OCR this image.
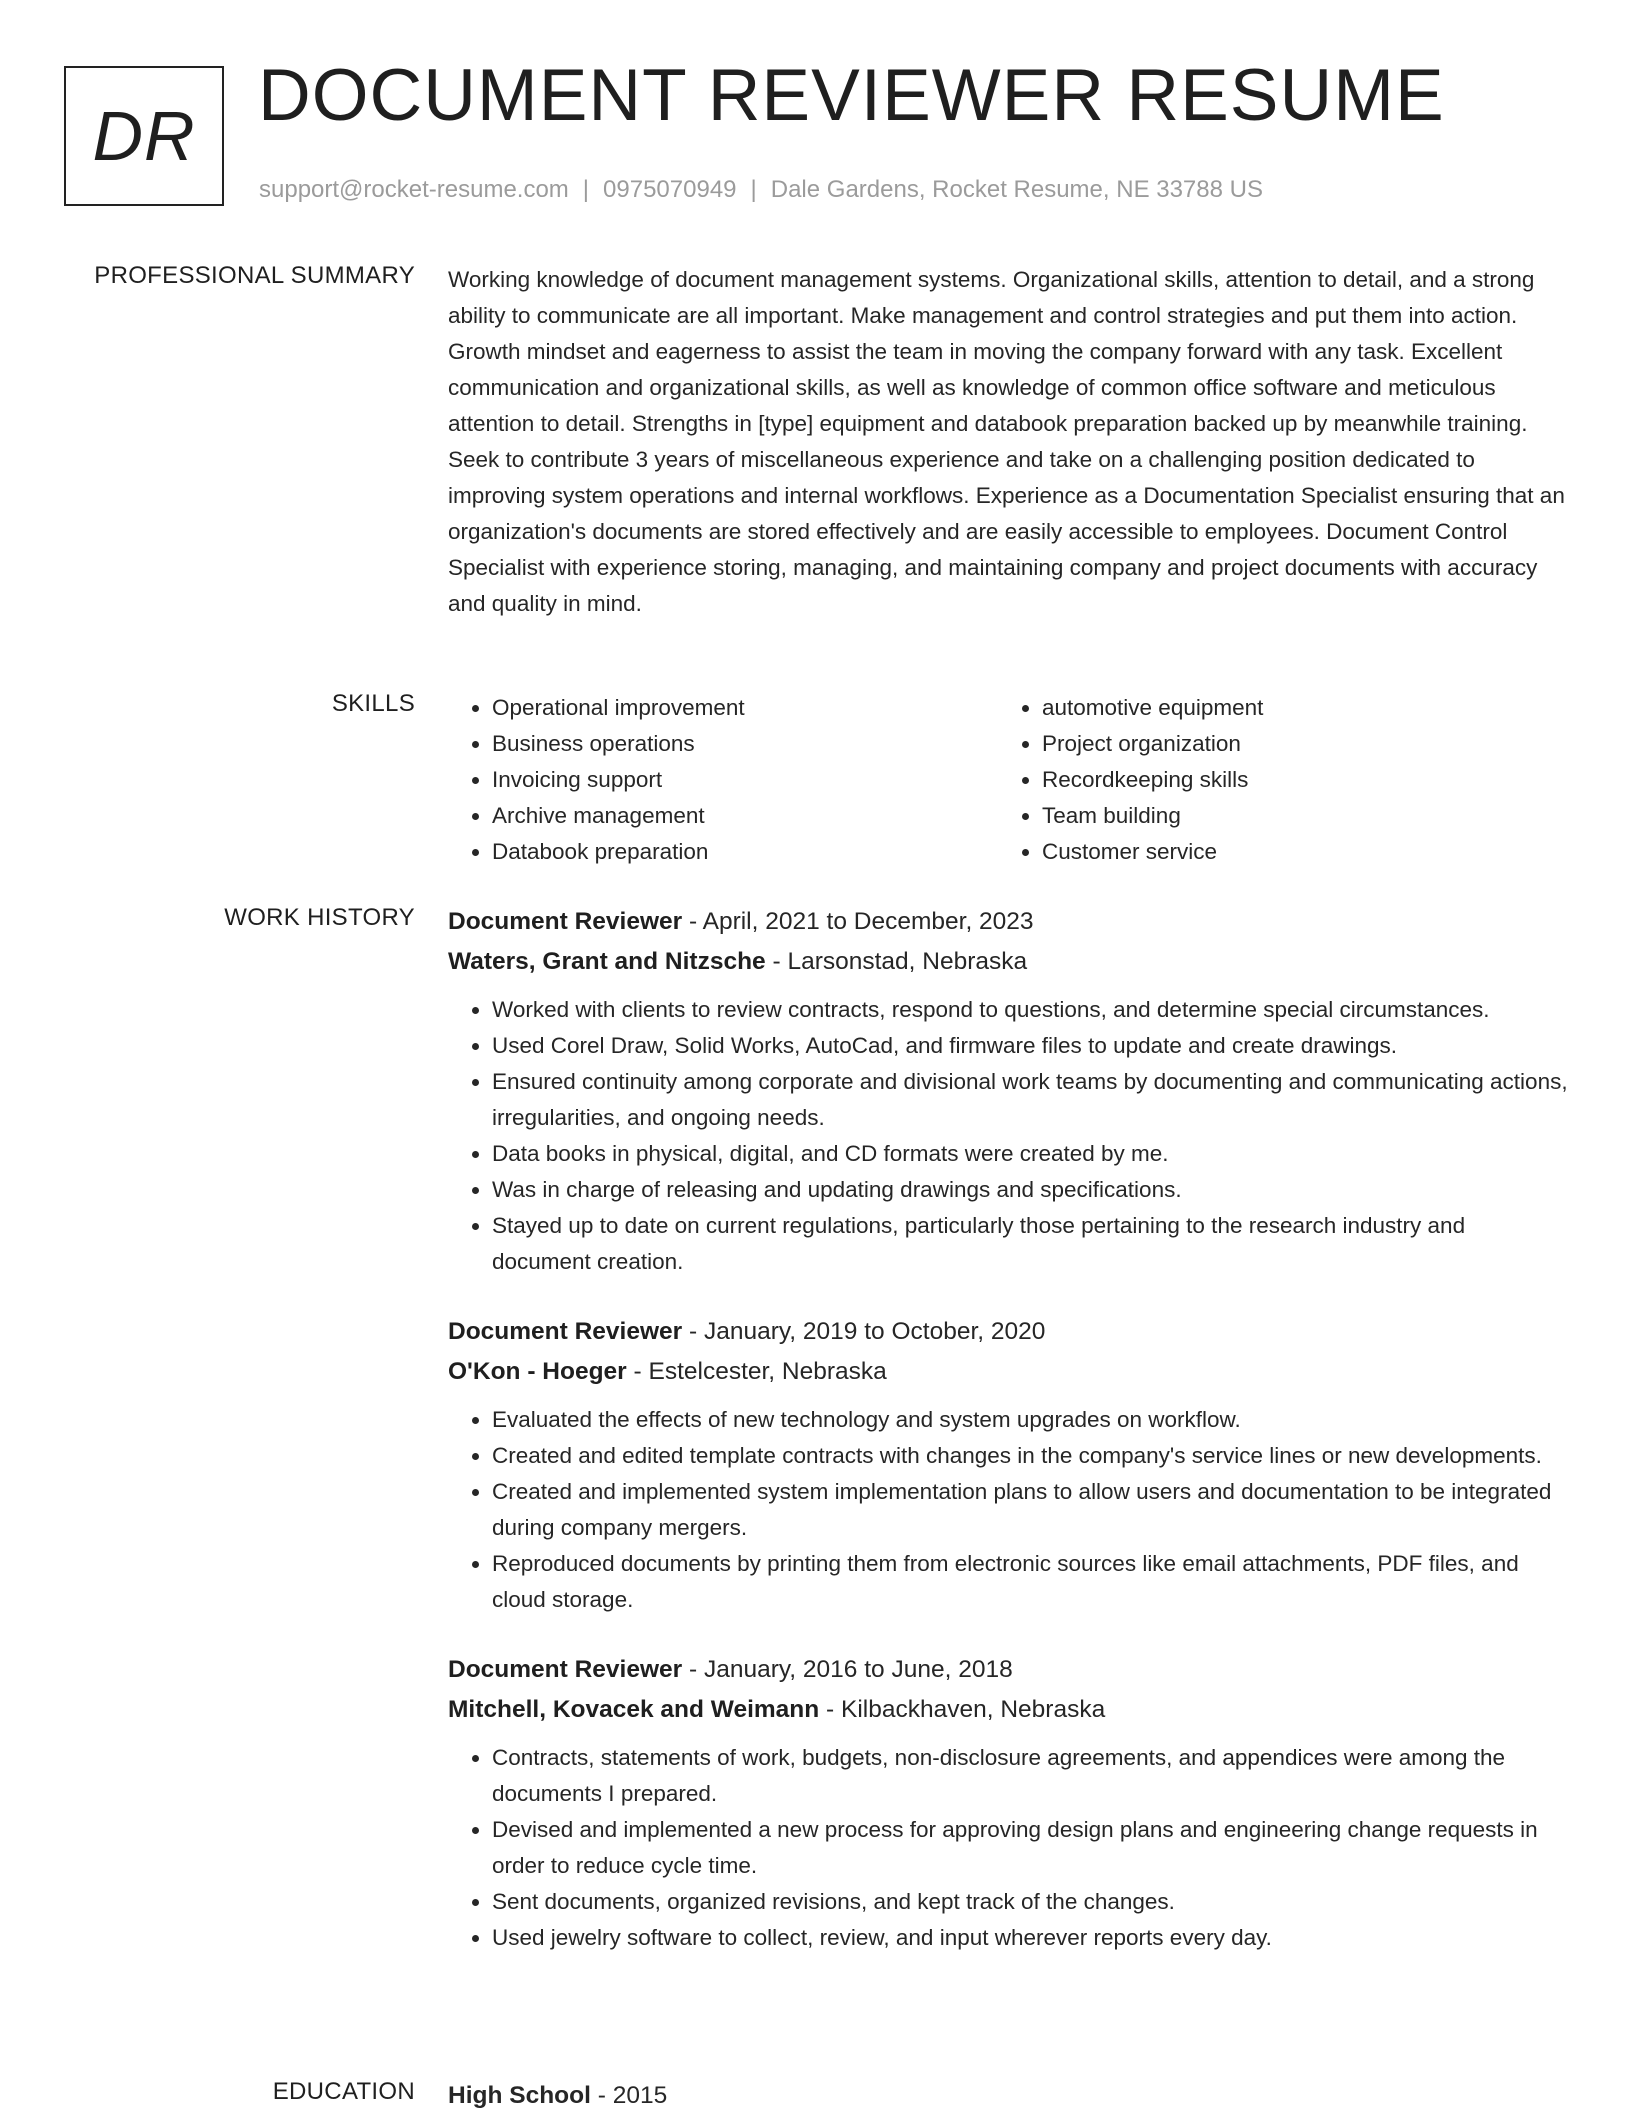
DR DOCUMENT REVIEWER RESUME
support@rocket-resume.com | 0975070949 | Dale Gardens, Rocket Resume, NE 33788 US
PROFESSIONAL SUMMARY Working knowledge of document management systems. Organizational skills, attention to detail, and a strong ability to communicate are all important. Make management and control strategies and put them into action. Growth mindset and eagerness to assist the team in moving the company forward with any task. Excellent communication and organizational skills, as well as knowledge of common office software and meticulous attention to detail. Strengths in [type] equipment and databook preparation backed up by meanwhile training. Seek to contribute 3 years of miscellaneous experience and take on a challenging position dedicated to improving system operations and internal workflows. Experience as a Documentation Specialist ensuring that an organization's documents are stored effectively and are easily accessible to employees. Document Control Specialist with experience storing, managing, and maintaining company and project documents with accuracy and quality in mind.

SKILLS
•	Operational improvement
• Business operations
• Invoicing support
• Archive management
• Databook preparation
• automotive equipment
• Project organization
• Recordkeeping skills
• Team building
• Customer service
WORK HISTORY Document Reviewer - April, 2021 to December, 2023
Waters, Grant and Nitzsche - Larsonstad, Nebraska
• Worked with clients to review contracts, respond to questions, and determine special circumstances.
• Used Corel Draw, Solid Works, AutoCad, and firmware files to update and create drawings.
• Ensured continuity among corporate and divisional work teams by documenting and communicating actions, irregularities, and ongoing needs.
• Data books in physical, digital, and CD formats were created by me.
• Was in charge of releasing and updating drawings and specifications.
• Stayed up to date on current regulations, particularly those pertaining to the research industry and document creation.
Document Reviewer - January, 2019 to October, 2020
O'Kon - Hoeger - Estelcester, Nebraska
• Evaluated the effects of new technology and system upgrades on workflow.
• Created and edited template contracts with changes in the company's service lines or new developments.
• Created and implemented system implementation plans to allow users and documentation to be integrated during company mergers.
• Reproduced documents by printing them from electronic sources like email attachments, PDF files, and cloud storage.
Document Reviewer - January, 2016 to June, 2018
Mitchell, Kovacek and Weimann - Kilbackhaven, Nebraska
• Contracts, statements of work, budgets, non-disclosure agreements, and appendices were among the documents I prepared.
• Devised and implemented a new process for approving design plans and engineering change requests in order to reduce cycle time.
• Sent documents, organized revisions, and kept track of the changes.
• Used jewelry software to collect, review, and input wherever reports every day.
EDUCATION High School - 2015
